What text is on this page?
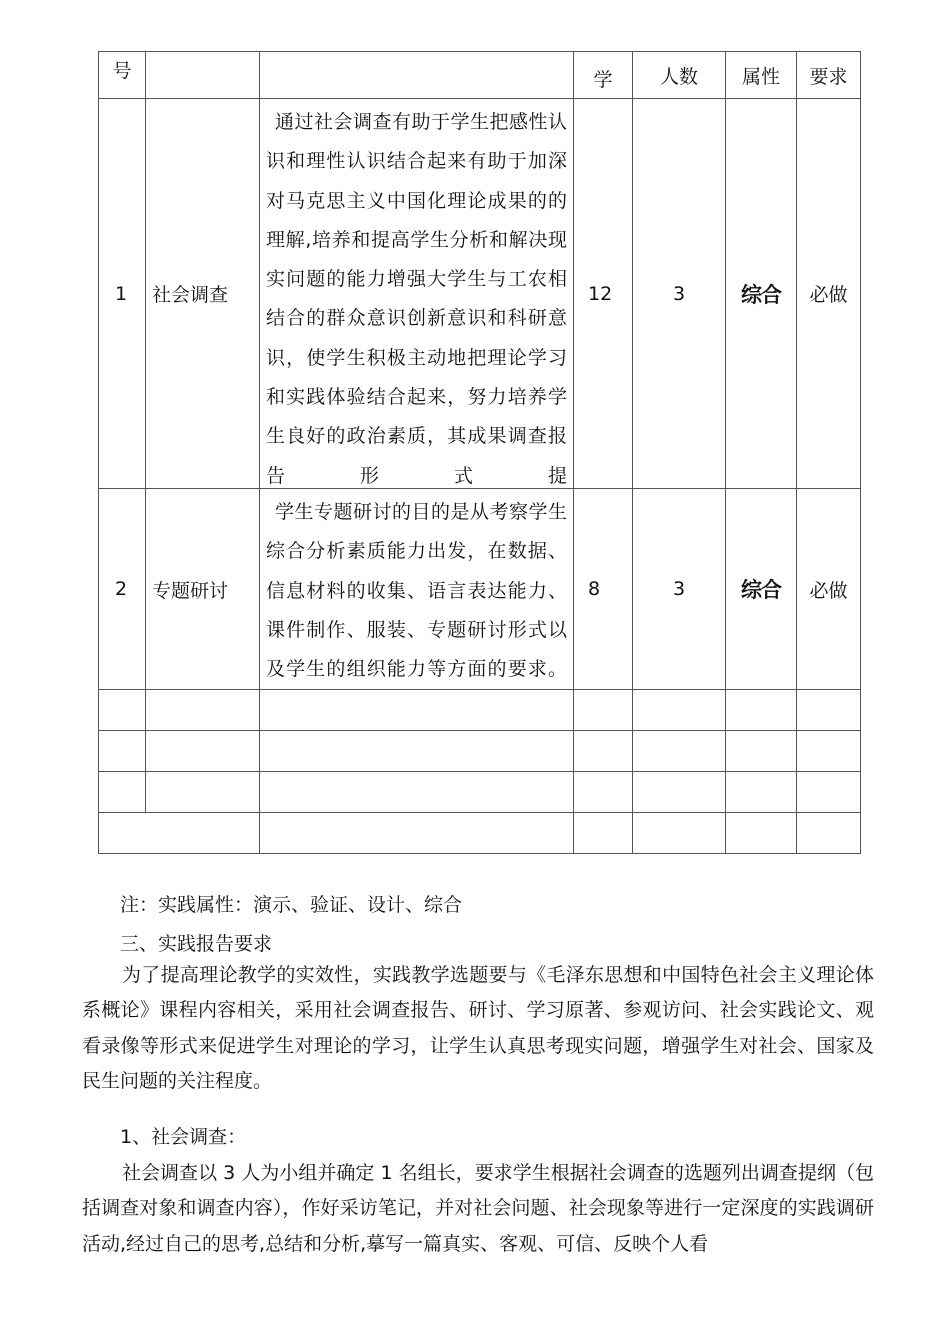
号			学	人数	属性	要求
1	社会调查	通过社会调查有助于学生把感性认识和理性认识结合起来有助于加深对马克思主义中国化理论成果的的理解,培养和提高学生分析和解决现实问题的能力增强大学生与工农相结合的群众意识创新意识和科研意识，使学生积极主动地把理论学习和实践体验结合起来，努力培养学生良好的政治素质，其成果调查报告形式提	12	3	综合	必做
2	专题研讨	学生专题研讨的目的是从考察学生综合分析素质能力出发，在数据、信息材料的收集、语言表达能力、课件制作、服装、专题研讨形式以及学生的组织能力等方面的要求。	8	3	综合	必做

注：实践属性：演示、验证、设计、综合
三、实践报告要求

为了提高理论教学的实效性，实践教学选题要与《毛泽东思想和中国特色社会主义理论体系概论》课程内容相关，采用社会调查报告、研讨、学习原著、参观访问、社会实践论文、观看录像等形式来促进学生对理论的学习，让学生认真思考现实问题，增强学生对社会、国家及民生问题的关注程度。

1、社会调查：

社会调查以 3 人为小组并确定 1 名组长，要求学生根据社会调查的选题列出调查提纲（包括调查对象和调查内容），作好采访笔记，并对社会问题、社会现象等进行一定深度的实践调研活动,经过自己的思考,总结和分析,摹写一篇真实、客观、可信、反映个人看
